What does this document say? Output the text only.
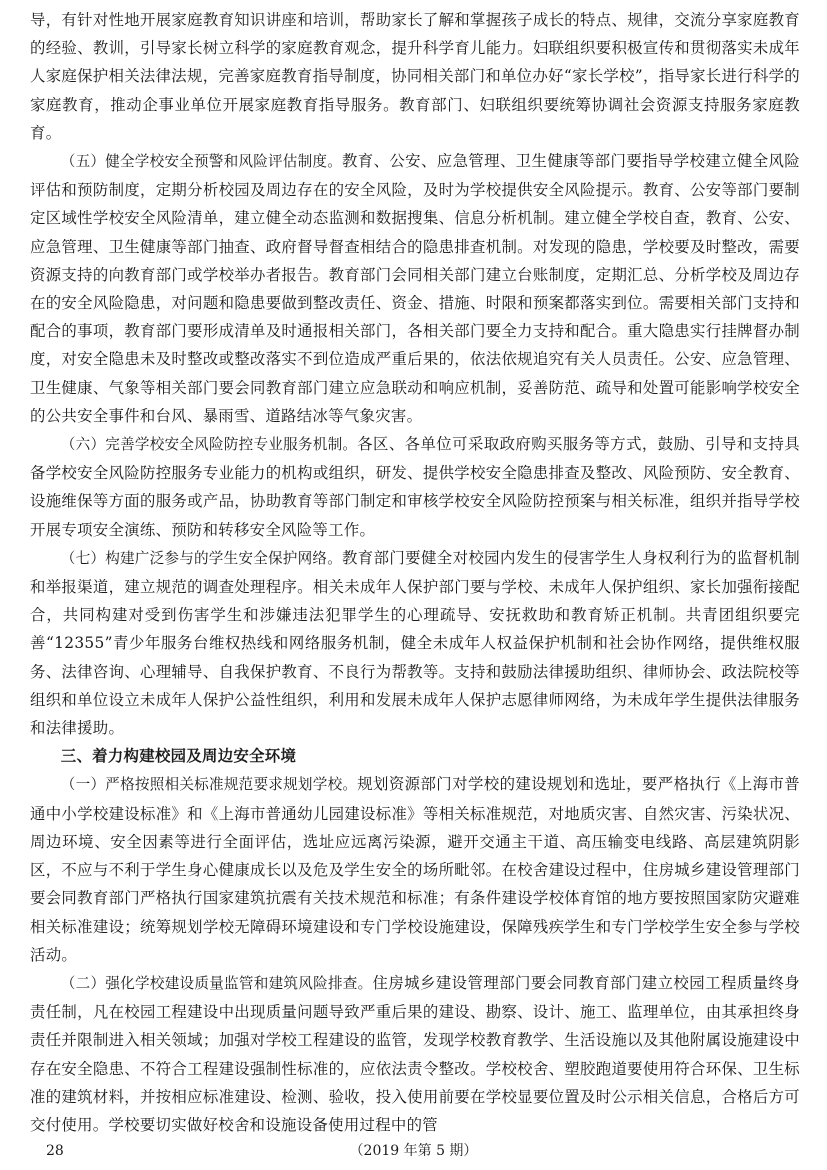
导，有针对性地开展家庭教育知识讲座和培训，帮助家长了解和掌握孩子成长的特点、规律，交流分享家庭教育的经验、教训，引导家长树立科学的家庭教育观念，提升科学育儿能力。妇联组织要积极宣传和贯彻落实未成年人家庭保护相关法律法规，完善家庭教育指导制度，协同相关部门和单位办好“家长学校”，指导家长进行科学的家庭教育，推动企事业单位开展家庭教育指导服务。教育部门、妇联组织要统筹协调社会资源支持服务家庭教育。

（五）健全学校安全预警和风险评估制度。教育、公安、应急管理、卫生健康等部门要指导学校建立健全风险评估和预防制度，定期分析校园及周边存在的安全风险，及时为学校提供安全风险提示。教育、公安等部门要制定区域性学校安全风险清单，建立健全动态监测和数据搜集、信息分析机制。建立健全学校自查，教育、公安、应急管理、卫生健康等部门抽查、政府督导督查相结合的隐患排查机制。对发现的隐患，学校要及时整改，需要资源支持的向教育部门或学校举办者报告。教育部门会同相关部门建立台账制度，定期汇总、分析学校及周边存在的安全风险隐患，对问题和隐患要做到整改责任、资金、措施、时限和预案都落实到位。需要相关部门支持和配合的事项，教育部门要形成清单及时通报相关部门，各相关部门要全力支持和配合。重大隐患实行挂牌督办制度，对安全隐患未及时整改或整改落实不到位造成严重后果的，依法依规追究有关人员责任。公安、应急管理、卫生健康、气象等相关部门要会同教育部门建立应急联动和响应机制，妥善防范、疏导和处置可能影响学校安全的公共安全事件和台风、暴雨雪、道路结冰等气象灾害。

（六）完善学校安全风险防控专业服务机制。各区、各单位可采取政府购买服务等方式，鼓励、引导和支持具备学校安全风险防控服务专业能力的机构或组织，研发、提供学校安全隐患排查及整改、风险预防、安全教育、设施维保等方面的服务或产品，协助教育等部门制定和审核学校安全风险防控预案与相关标准，组织并指导学校开展专项安全演练、预防和转移安全风险等工作。

（七）构建广泛参与的学生安全保护网络。教育部门要健全对校园内发生的侵害学生人身权利行为的监督机制和举报渠道，建立规范的调查处理程序。相关未成年人保护部门要与学校、未成年人保护组织、家长加强衔接配合，共同构建对受到伤害学生和涉嫌违法犯罪学生的心理疏导、安抚救助和教育矫正机制。共青团组织要完善“12355”青少年服务台维权热线和网络服务机制，健全未成年人权益保护机制和社会协作网络，提供维权服务、法律咨询、心理辅导、自我保护教育、不良行为帮教等。支持和鼓励法律援助组织、律师协会、政法院校等组织和单位设立未成年人保护公益性组织，利用和发展未成年人保护志愿律师网络，为未成年学生提供法律服务和法律援助。

三、着力构建校园及周边安全环境

（一）严格按照相关标准规范要求规划学校。规划资源部门对学校的建设规划和选址，要严格执行《上海市普通中小学校建设标准》和《上海市普通幼儿园建设标准》等相关标准规范，对地质灾害、自然灾害、污染状况、周边环境、安全因素等进行全面评估，选址应远离污染源，避开交通主干道、高压输变电线路、高层建筑阴影区，不应与不利于学生身心健康成长以及危及学生安全的场所毗邻。在校舍建设过程中，住房城乡建设管理部门要会同教育部门严格执行国家建筑抗震有关技术规范和标准；有条件建设学校体育馆的地方要按照国家防灾避难相关标准建设；统筹规划学校无障碍环境建设和专门学校设施建设，保障残疾学生和专门学校学生安全参与学校活动。

（二）强化学校建设质量监管和建筑风险排查。住房城乡建设管理部门要会同教育部门建立校园工程质量终身责任制，凡在校园工程建设中出现质量问题导致严重后果的建设、勘察、设计、施工、监理单位，由其承担终身责任并限制进入相关领域；加强对学校工程建设的监管，发现学校教育教学、生活设施以及其他附属设施建设中存在安全隐患、不符合工程建设强制性标准的，应依法责令整改。学校校舍、塑胶跑道要使用符合环保、卫生标准的建筑材料，并按相应标准建设、检测、验收，投入使用前要在学校显要位置及时公示相关信息，合格后方可交付使用。学校要切实做好校舍和设施设备使用过程中的管

28	（2019 年第 5 期）
